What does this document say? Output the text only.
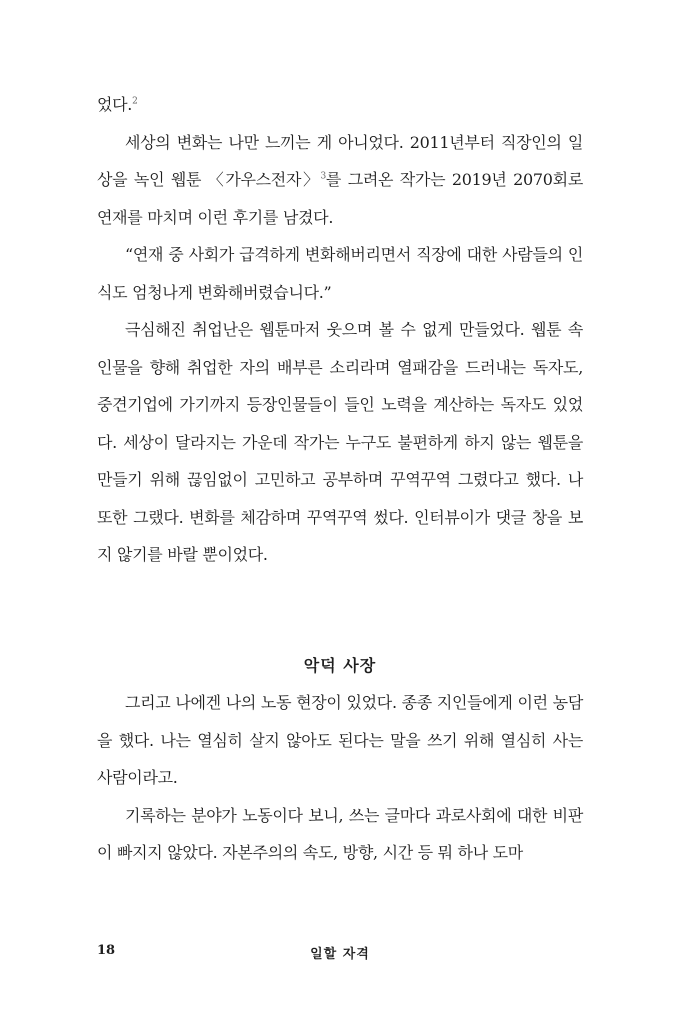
었다.$^2$

세상의 변화는 나만 느끼는 게 아니었다. 2011년부터 직장인의 일상을 녹인 웹툰 〈가우스전자〉$^3$를 그려온 작가는 2019년 2070회로 연재를 마치며 이런 후기를 남겼다.

“연재 중 사회가 급격하게 변화해버리면서 직장에 대한 사람들의 인식도 엄청나게 변화해버렸습니다.”

극심해진 취업난은 웹툰마저 웃으며 볼 수 없게 만들었다. 웹툰 속 인물을 향해 취업한 자의 배부른 소리라며 열패감을 드러내는 독자도, 중견기업에 가기까지 등장인물들이 들인 노력을 계산하는 독자도 있었다. 세상이 달라지는 가운데 작가는 누구도 불편하게 하지 않는 웹툰을 만들기 위해 끊임없이 고민하고 공부하며 꾸역꾸역 그렸다고 했다. 나 또한 그랬다. 변화를 체감하며 꾸역꾸역 썼다. 인터뷰이가 댓글 창을 보지 않기를 바랄 뿐이었다.

악덕 사장

그리고 나에겐 나의 노동 현장이 있었다. 종종 지인들에게 이런 농담을 했다. 나는 열심히 살지 않아도 된다는 말을 쓰기 위해 열심히 사는 사람이라고.

기록하는 분야가 노동이다 보니, 쓰는 글마다 과로사회에 대한 비판이 빠지지 않았다. 자본주의의 속도, 방향, 시간 등 뭐 하나 도마

18	일할 자격
